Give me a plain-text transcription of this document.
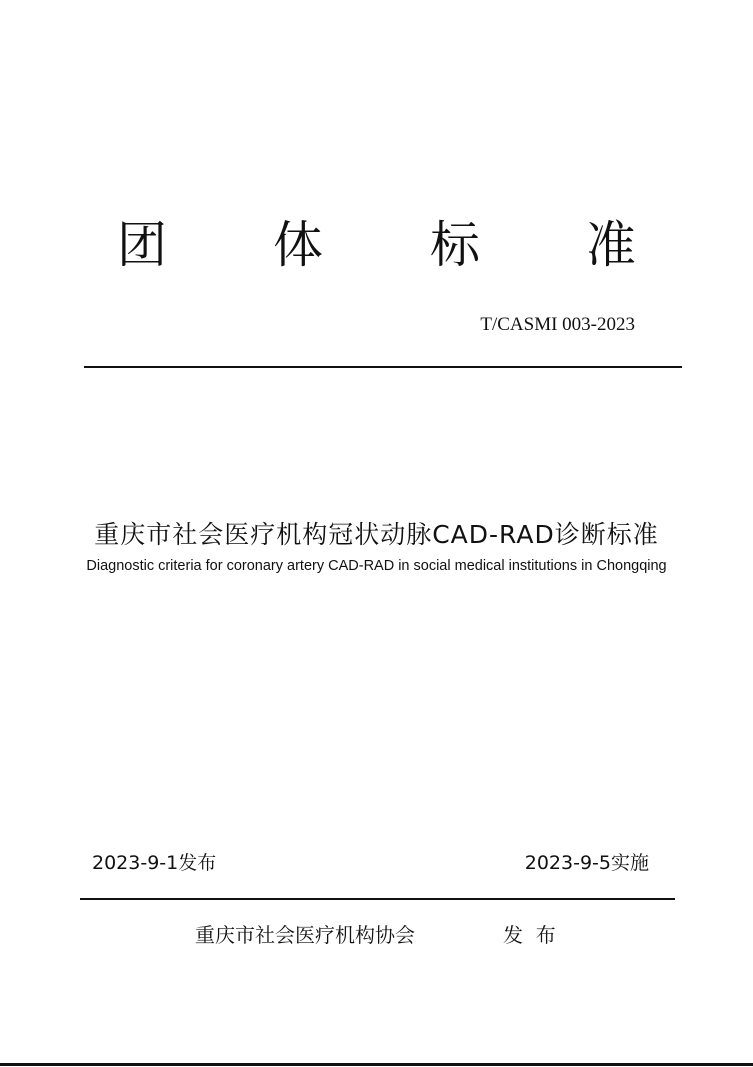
团 体 标 准
T/CASMI 003-2023
重庆市社会医疗机构冠状动脉CAD-RAD诊断标准
Diagnostic criteria for coronary artery CAD-RAD in social medical institutions in Chongqing
2023-9-1发布	2023-9-5实施
重庆市社会医疗机构协会	发  布
